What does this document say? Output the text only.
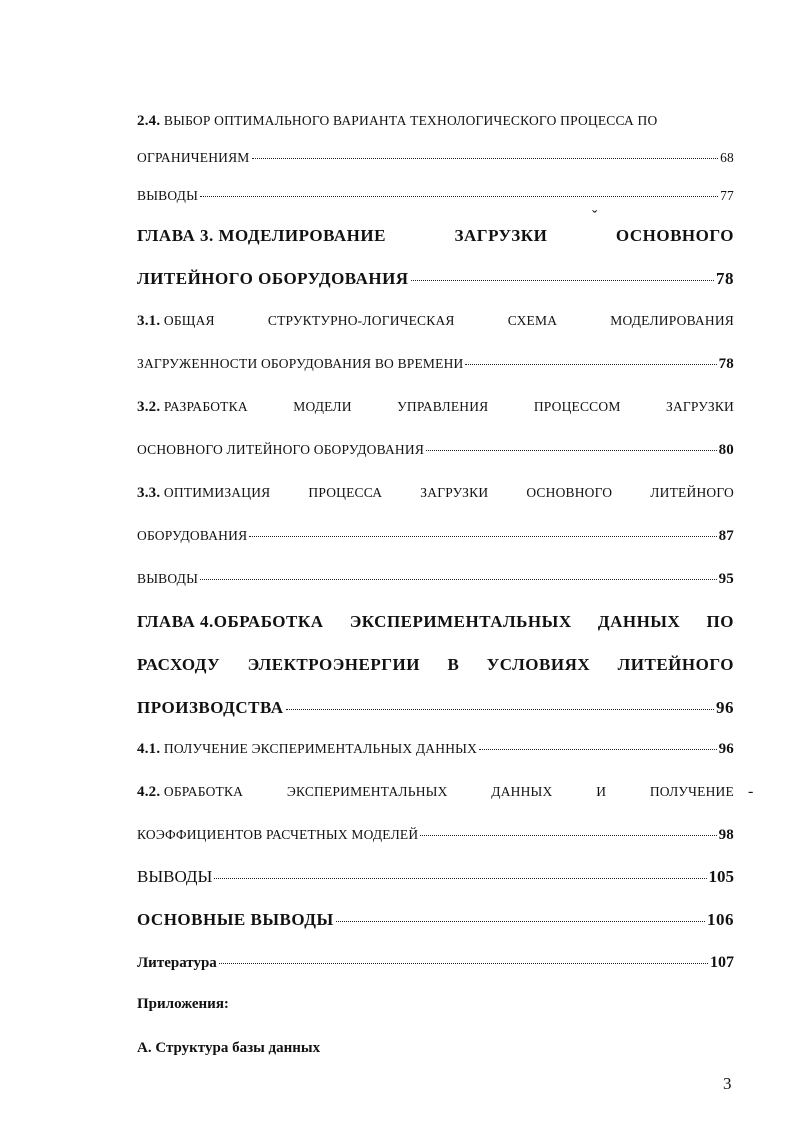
2.4. ВЫБОР ОПТИМАЛЬНОГО ВАРИАНТА ТЕХНОЛОГИЧЕСКОГО ПРОЦЕССА ПО
ОГРАНИЧЕНИЯМ	68
ВЫВОДЫ	77
ГЛАВА 3. МОДЕЛИРОВАНИЕ	ЗАГРУЗКИ	ОСНОВНОГО
ˇ
ЛИТЕЙНОГО ОБОРУДОВАНИЯ	78
3.1. ОБЩАЯ	СТРУКТУРНО-ЛОГИЧЕСКАЯ	СХЕМА	МОДЕЛИРОВАНИЯ
ЗАГРУЖЕННОСТИ ОБОРУДОВАНИЯ ВО ВРЕМЕНИ	78
3.2. РАЗРАБОТКА	МОДЕЛИ	УПРАВЛЕНИЯ	ПРОЦЕССОМ	ЗАГРУЗКИ
ОСНОВНОГО ЛИТЕЙНОГО ОБОРУДОВАНИЯ	80
3.3. ОПТИМИЗАЦИЯ	ПРОЦЕССА	ЗАГРУЗКИ	ОСНОВНОГО	ЛИТЕЙНОГО
ОБОРУДОВАНИЯ	87
ВЫВОДЫ	95
ГЛАВА 4.ОБРАБОТКА ЭКСПЕРИМЕНТАЛЬНЫХ ДАННЫХ ПО
РАСХОДУ ЭЛЕКТРОЭНЕРГИИ В УСЛОВИЯХ ЛИТЕЙНОГО
ПРОИЗВОДСТВА	96
4.1. ПОЛУЧЕНИЕ ЭКСПЕРИМЕНТАЛЬНЫХ ДАННЫХ	96
4.2. ОБРАБОТКА	ЭКСПЕРИМЕНТАЛЬНЫХ	ДАННЫХ	И	ПОЛУЧЕНИЕ -
КОЭФФИЦИЕНТОВ РАСЧЕТНЫХ МОДЕЛЕЙ	98
ВЫВОДЫ	105
ОСНОВНЫЕ ВЫВОДЫ	106
Литература	107
Приложения:
А. Структура базы данных
3
